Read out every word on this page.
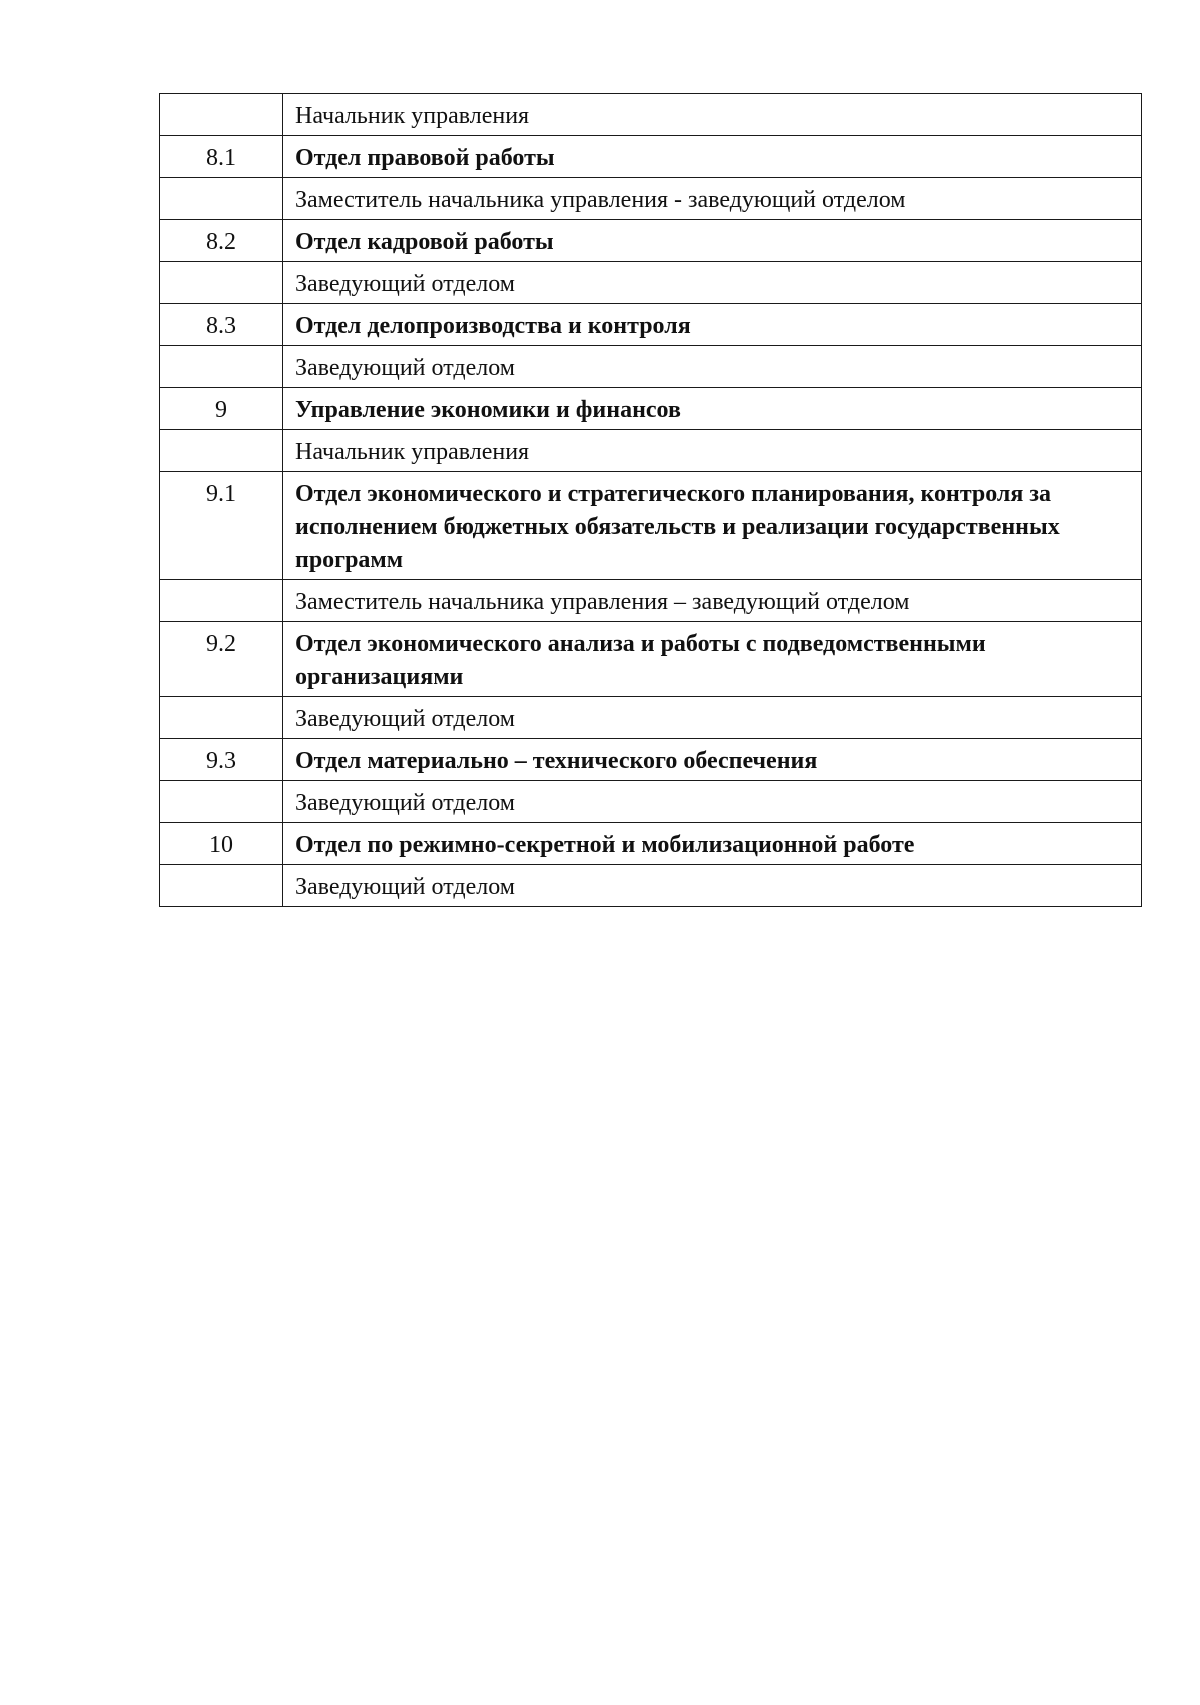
	Начальник управления
8.1	Отдел правовой работы
	Заместитель начальника управления - заведующий отделом
8.2	Отдел кадровой работы
	Заведующий отделом
8.3	Отдел делопроизводства и контроля
	Заведующий отделом
9	Управление экономики и финансов
	Начальник управления
9.1	Отдел экономического и стратегического планирования, контроля за исполнением бюджетных обязательств и реализации государственных программ
	Заместитель начальника управления – заведующий отделом
9.2	Отдел экономического анализа и работы с подведомственными организациями
	Заведующий отделом
9.3	Отдел материально – технического обеспечения
	Заведующий отделом
10	Отдел по режимно-секретной и мобилизационной работе
	Заведующий отделом
